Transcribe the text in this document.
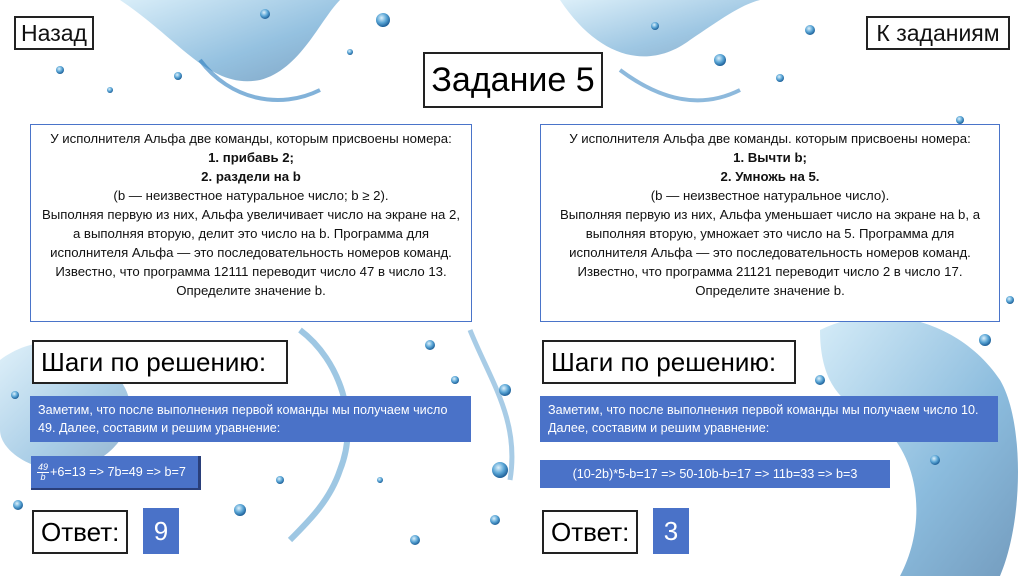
Назад	К заданиям
Задание 5

У исполнителя Альфа две команды, которым присвоены номера:

1. прибавь 2;

2. раздели на b

(b — неизвестное натуральное число; b ≥ 2).

Выполняя первую из них, Альфа увеличивает число на экране на 2, а выполняя вторую, делит это число на b. Программа для исполнителя Альфа — это последовательность номеров команд. Известно, что программа 12111 переводит число 47 в число 13. Определите значение b.

У исполнителя Альфа две команды. которым присвоены номера:

1. Вычти b;

2. Умножь на 5.

(b — неизвестное натуральное число).

Выполняя первую из них, Альфа уменьшает число на экране на b, а выполняя вторую, умножает это число на 5. Программа для исполнителя Альфа — это последовательность номеров команд. Известно, что программа 21121 переводит число 2 в число 17. Определите значение b.

Шаги по решению:	Шаги по решению:
Заметим, что после выполнения первой команды мы получаем число 49. Далее, составим и решим уравнение:
Заметим, что после выполнения первой команды мы получаем число 10. Далее, составим и решим уравнение:
$\frac{49}{b} +6=13 => 7b=49 => b=7$	(10-2b)*5-b=17 => 50-10b-b=17 => 11b=33 => b=3
Ответ:	9	Ответ:	3
